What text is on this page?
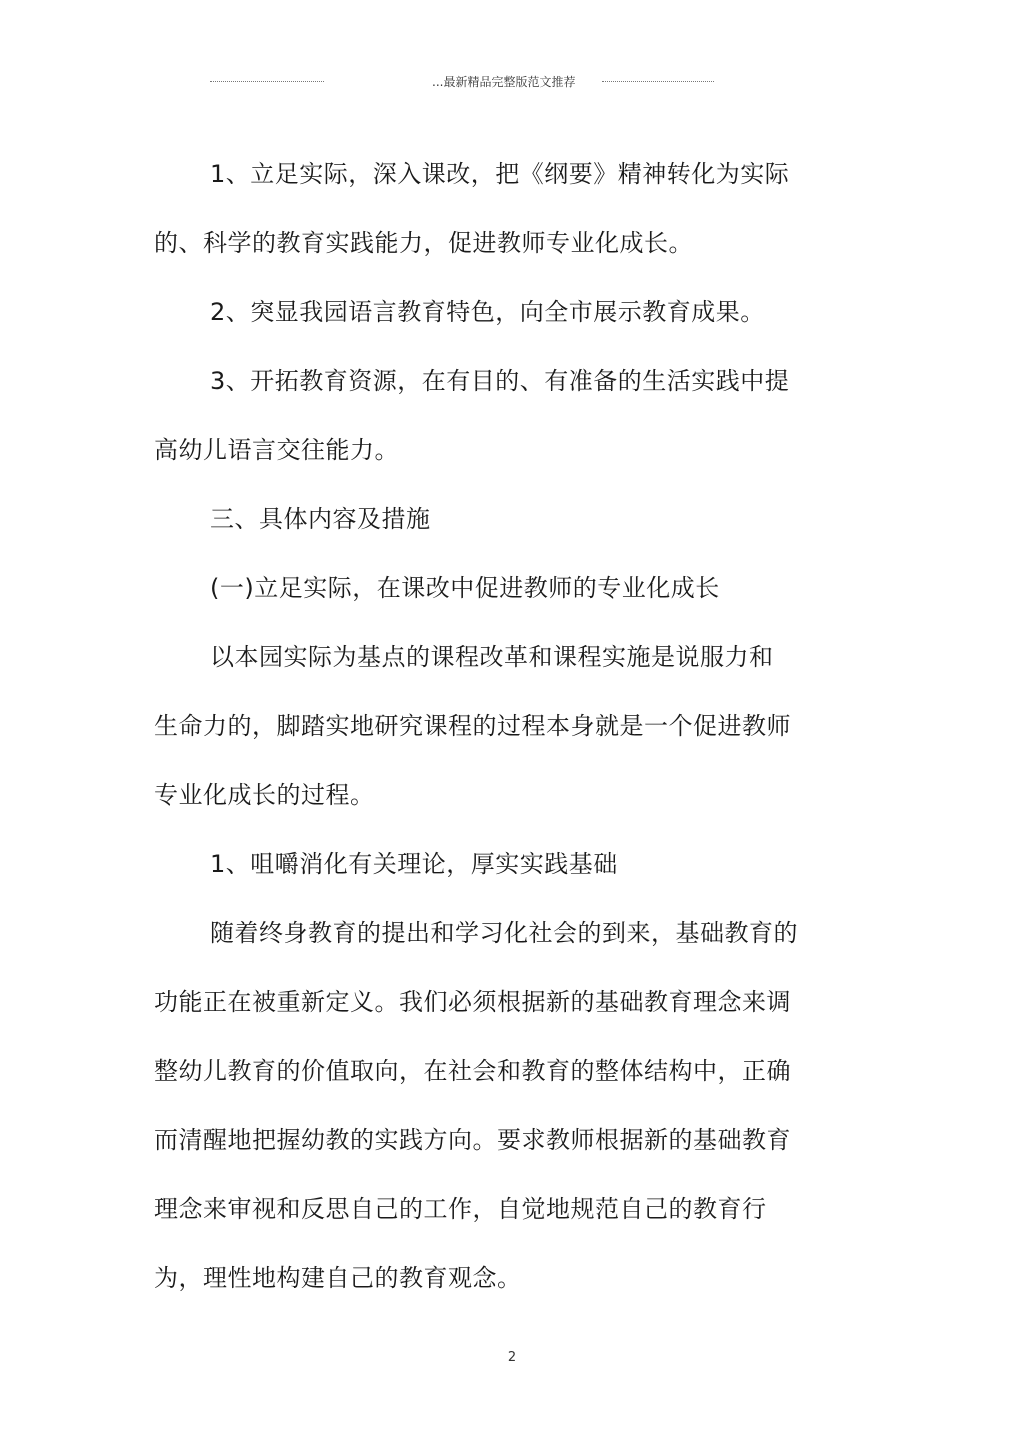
...最新精品完整版范文推荐
1、立足实际，深入课改，把《纲要》精神转化为实际
的、科学的教育实践能力，促进教师专业化成长。
2、突显我园语言教育特色，向全市展示教育成果。
3、开拓教育资源，在有目的、有准备的生活实践中提
高幼儿语言交往能力。
三、具体内容及措施
(一)立足实际，在课改中促进教师的专业化成长
以本园实际为基点的课程改革和课程实施是说服力和
生命力的，脚踏实地研究课程的过程本身就是一个促进教师
专业化成长的过程。
1、咀嚼消化有关理论，厚实实践基础
随着终身教育的提出和学习化社会的到来，基础教育的
功能正在被重新定义。我们必须根据新的基础教育理念来调
整幼儿教育的价值取向，在社会和教育的整体结构中，正确
而清醒地把握幼教的实践方向。要求教师根据新的基础教育
理念来审视和反思自己的工作，自觉地规范自己的教育行
为，理性地构建自己的教育观念。
2
